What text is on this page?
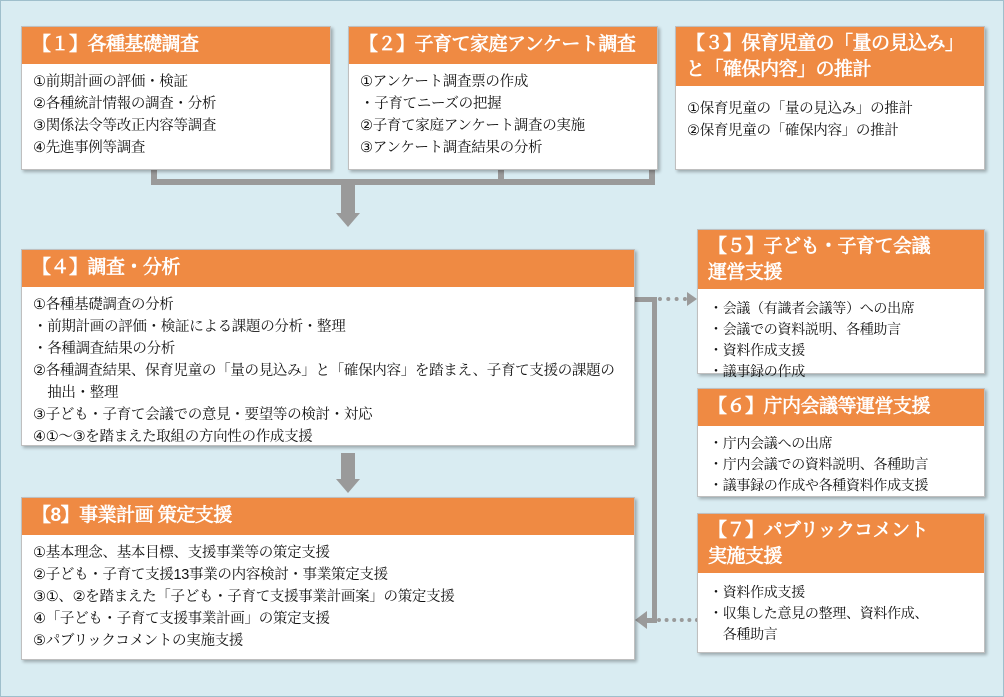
【１】各種基礎調査
①前期計画の評価・検証
②各種統計情報の調査・分析
③関係法令等改正内容等調査
④先進事例等調査
【２】子育て家庭アンケート調査
①アンケート調査票の作成
・子育てニーズの把握
②子育て家庭アンケート調査の実施
③アンケート調査結果の分析
【３】保育児童の「量の見込み」
と「確保内容」の推計
①保育児童の「量の見込み」の推計
②保育児童の「確保内容」の推計
【４】調査・分析
①各種基礎調査の分析
・前期計画の評価・検証による課題の分析・整理
・各種調査結果の分析
②各種調査結果、保育児童の「量の見込み」と「確保内容」を踏まえ、子育て支援の課題の
　抽出・整理
③子ども・子育て会議での意見・要望等の検討・対応
④①～③を踏まえた取組の方向性の作成支援
【５】子ども・子育て会議
運営支援
・会議（有識者会議等）への出席
・会議での資料説明、各種助言
・資料作成支援
・議事録の作成
【６】庁内会議等運営支援
・庁内会議への出席
・庁内会議での資料説明、各種助言
・議事録の作成や各種資料作成支援
【７】パブリックコメント
実施支援
・資料作成支援
・収集した意見の整理、資料作成、
　各種助言
【8】事業計画 策定支援
①基本理念、基本目標、支援事業等の策定支援
②子ども・子育て支援13事業の内容検討・事業策定支援
③①、②を踏まえた「子ども・子育て支援事業計画案」の策定支援
④「子ども・子育て支援事業計画」の策定支援
⑤パブリックコメントの実施支援
